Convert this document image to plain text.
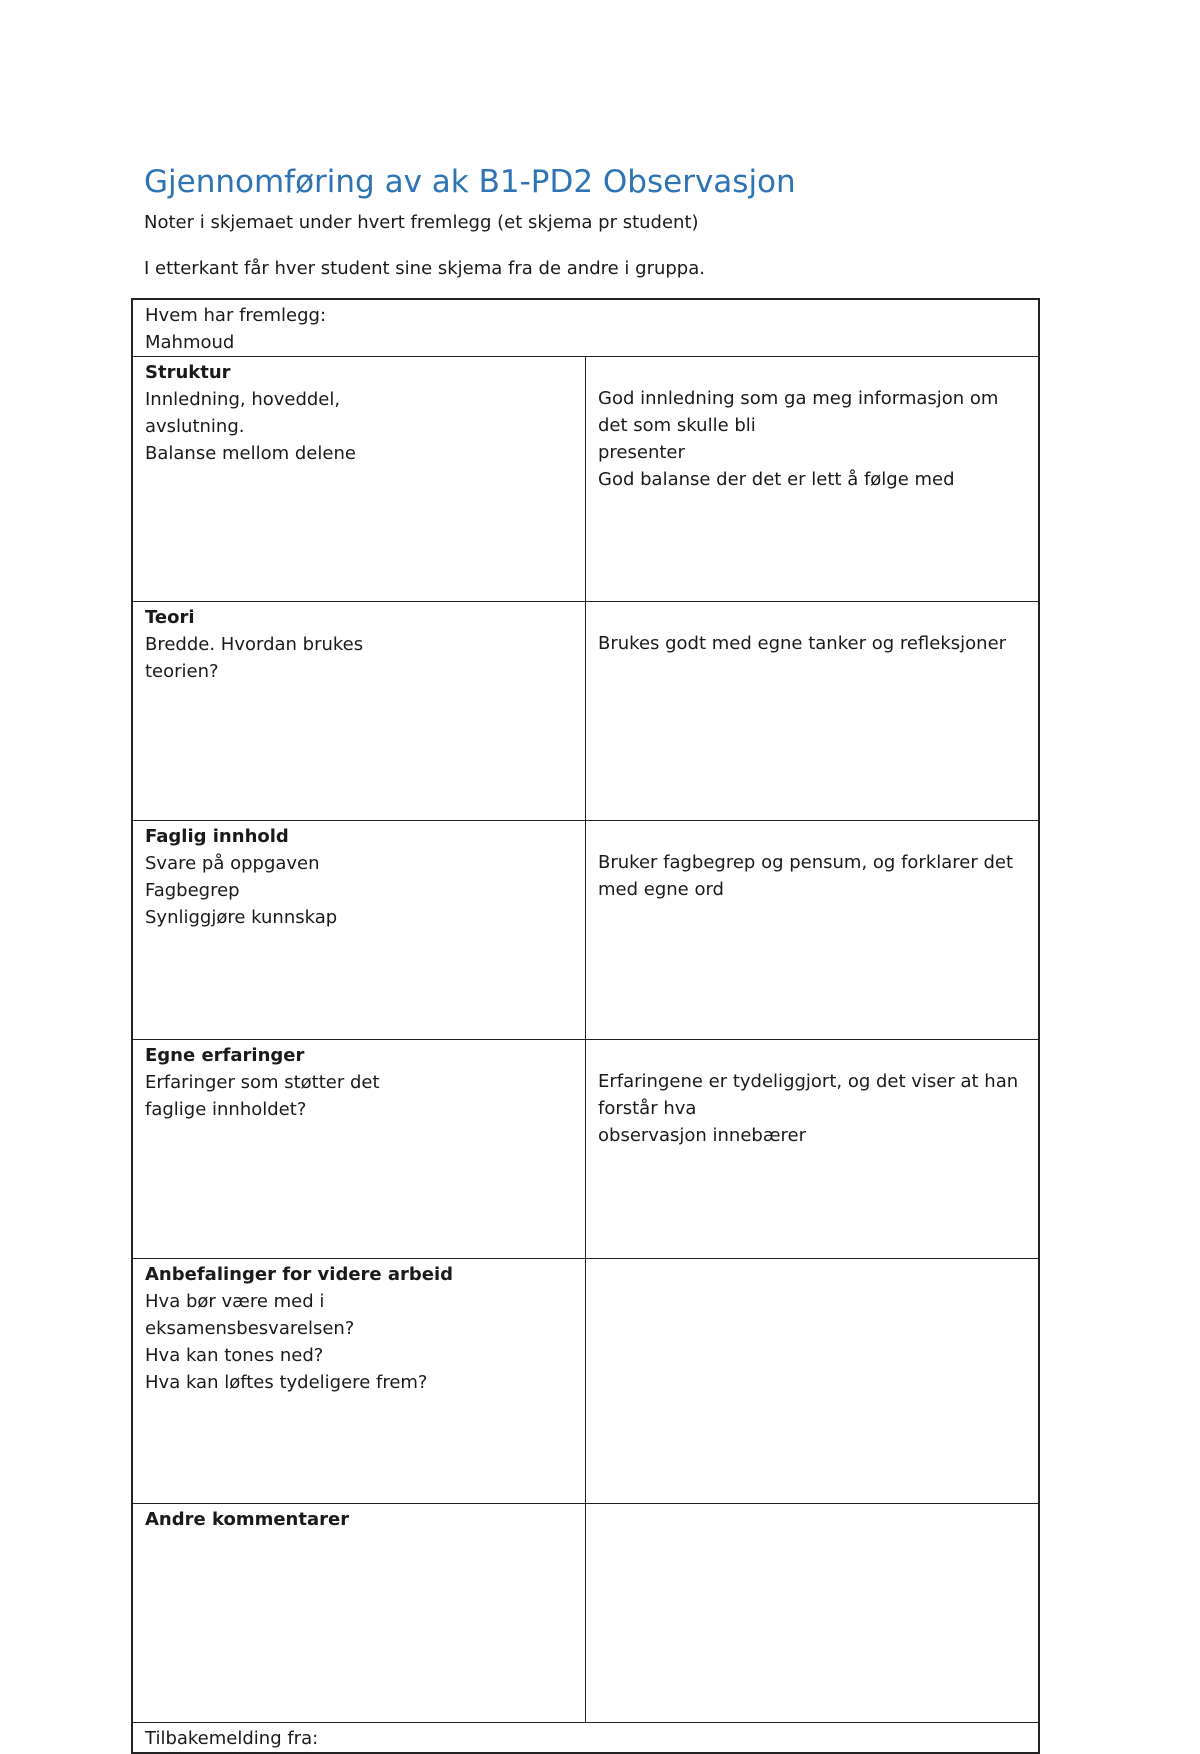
Gjennomføring av ak B1-PD2 Observasjon

Noter i skjemaet under hvert fremlegg (et skjema pr student)

I etterkant får hver student sine skjema fra de andre i gruppa.

Hvem har fremlegg:
Mahmoud	

Struktur
Innledning, hoveddel,
avslutning.
Balanse mellom delene	God innledning som ga meg informasjon om det som skulle bli
presenter
God balanse der det er lett å følge med

Teori
Bredde. Hvordan brukes
teorien?	Brukes godt med egne tanker og refleksjoner

Faglig innhold
Svare på oppgaven
Fagbegrep
Synliggjøre kunnskap	Bruker fagbegrep og pensum, og forklarer det med egne ord

Egne erfaringer
Erfaringer som støtter det
faglige innholdet?	Erfaringene er tydeliggjort, og det viser at han forstår hva
observasjon innebærer

Anbefalinger for videre arbeid
Hva bør være med i
eksamensbesvarelsen?
Hva kan tones ned?
Hva kan løftes tydeligere frem?	

Andre kommentarer	

Tilbakemelding fra:	
